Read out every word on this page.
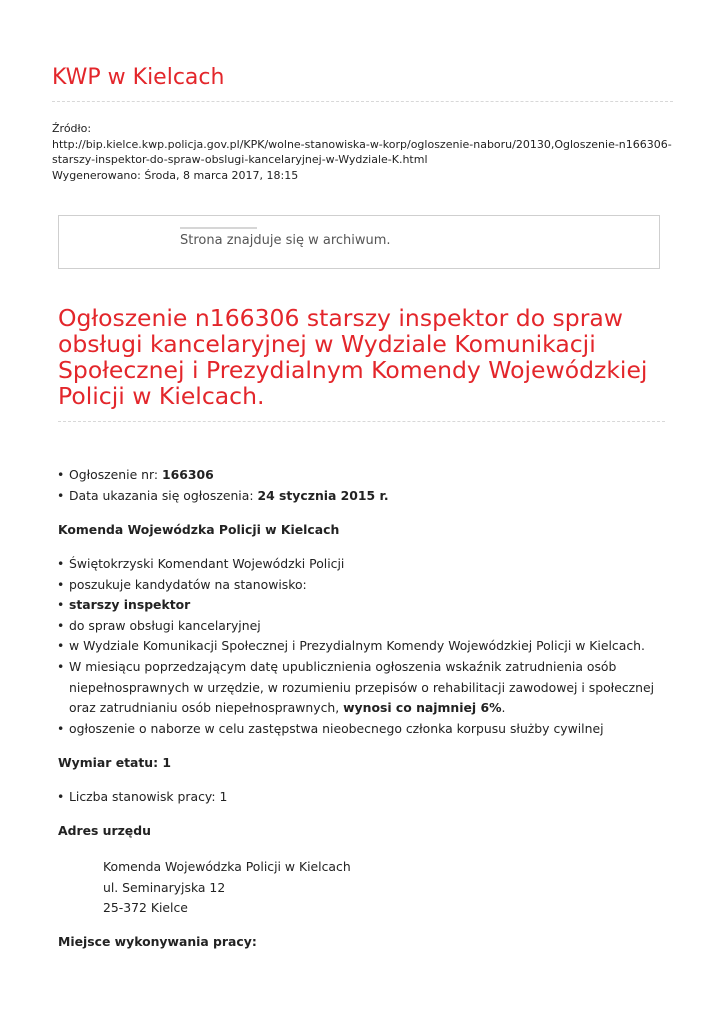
KWP w Kielcach
Źródło:
http://bip.kielce.kwp.policja.gov.pl/KPK/wolne-stanowiska-w-korp/ogloszenie-naboru/20130,Ogloszenie-n166306-starszy-inspektor-do-spraw-obslugi-kancelaryjnej-w-Wydziale-K.html
Wygenerowano: Środa, 8 marca 2017, 18:15
Strona znajduje się w archiwum.
Ogłoszenie n166306 starszy inspektor do spraw obsługi kancelaryjnej w Wydziale Komunikacji Społecznej i Prezydialnym Komendy Wojewódzkiej Policji w Kielcach.
• Ogłoszenie nr: 166306
• Data ukazania się ogłoszenia: 24 stycznia 2015 r.
Komenda Wojewódzka Policji w Kielcach
• Świętokrzyski Komendant Wojewódzki Policji
• poszukuje kandydatów na stanowisko:
• starszy inspektor
• do spraw obsługi kancelaryjnej
• w Wydziale Komunikacji Społecznej i Prezydialnym Komendy Wojewódzkiej Policji w Kielcach.
• W miesiącu poprzedzającym datę upublicznienia ogłoszenia wskaźnik zatrudnienia osób niepełnosprawnych w urzędzie, w rozumieniu przepisów o rehabilitacji zawodowej i społecznej oraz zatrudnianiu osób niepełnosprawnych, wynosi co najmniej 6%.
• ogłoszenie o naborze w celu zastępstwa nieobecnego członka korpusu służby cywilnej
Wymiar etatu: 1
• Liczba stanowisk pracy: 1
Adres urzędu
Komenda Wojewódzka Policji w Kielcach
ul. Seminaryjska 12
25-372 Kielce
Miejsce wykonywania pracy:
